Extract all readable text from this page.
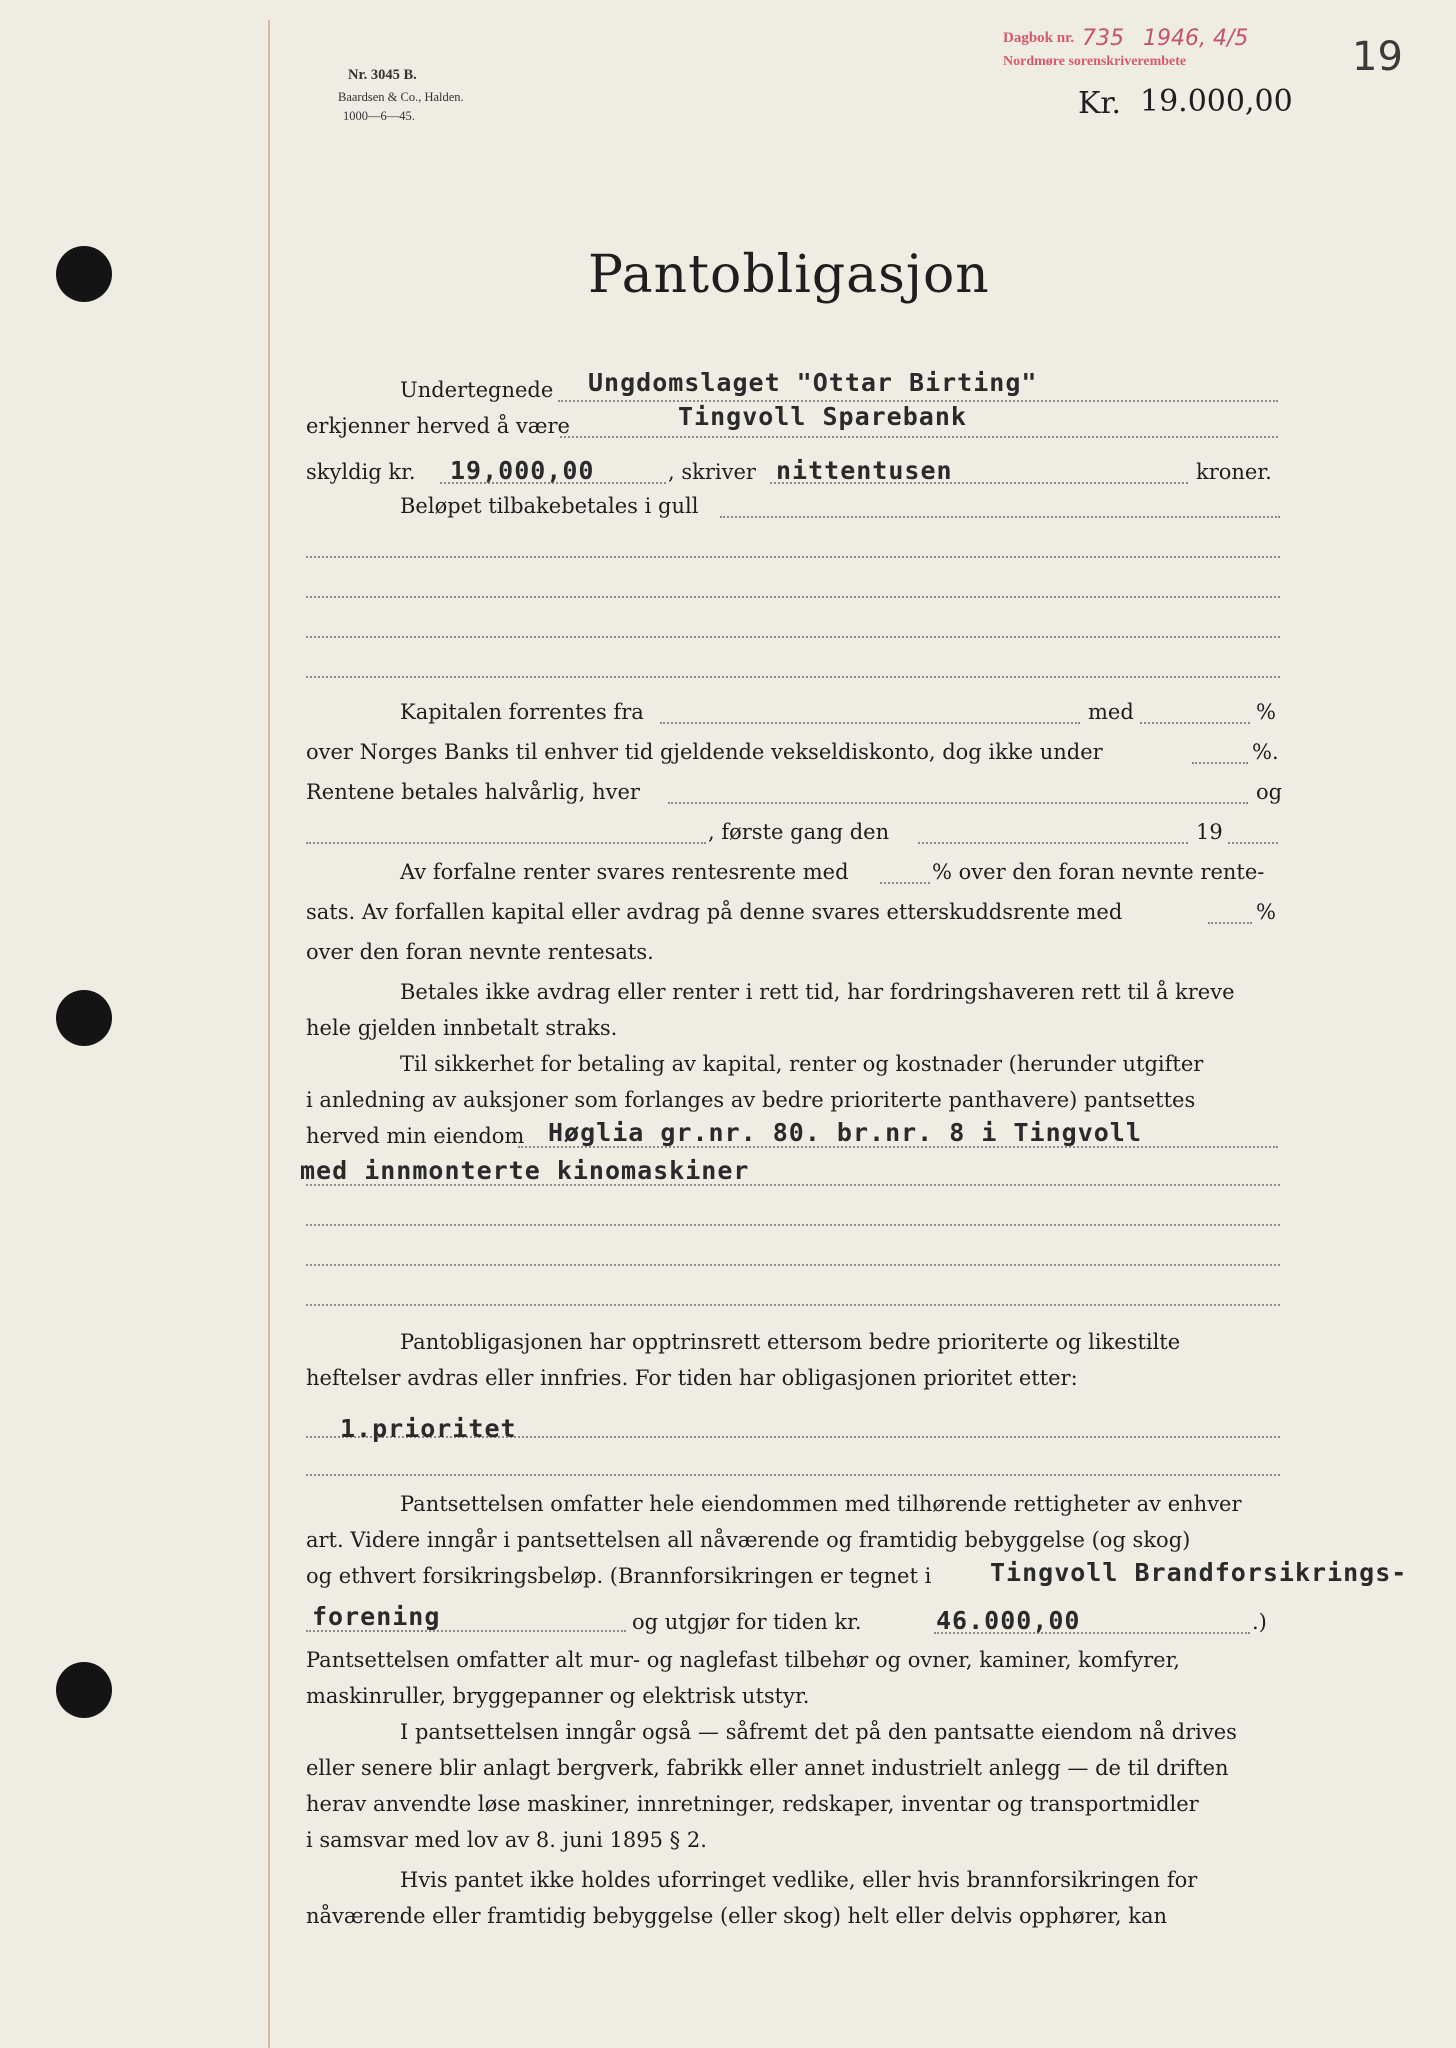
Nr. 3045 B.
Baardsen & Co., Halden.
1000—6—45.
Dagbok nr. 735 1946, 4/5
Nordmøre sorenskriverembete	19
Kr. 19.000,00
Pantobligasjon
Undertegnede Ungdomslaget "Ottar Birting"
erkjenner herved å være	Tingvoll Sparebank
skyldig kr. 19,000,00	, skriver nittentusen	kroner.
Beløpet tilbakebetales i gull
Kapitalen forrentes fra	med	%
over Norges Banks til enhver tid gjeldende vekseldiskonto, dog ikke under	%.
Rentene betales halvårlig, hver	og
, første gang den	19
Av forfalne renter svares rentesrente med	% over den foran nevnte rente-
sats. Av forfallen kapital eller avdrag på denne svares etterskuddsrente med	%
over den foran nevnte rentesats.
Betales ikke avdrag eller renter i rett tid, har fordringshaveren rett til å kreve
hele gjelden innbetalt straks.
Til sikkerhet for betaling av kapital, renter og kostnader (herunder utgifter
i anledning av auksjoner som forlanges av bedre prioriterte panthavere) pantsettes
herved min eiendom Høglia gr.nr. 80. br.nr. 8 i Tingvoll
med innmonterte kinomaskiner
Pantobligasjonen har opptrinsrett ettersom bedre prioriterte og likestilte
heftelser avdras eller innfries. For tiden har obligasjonen prioritet etter:
1.prioritet
Pantsettelsen omfatter hele eiendommen med tilhørende rettigheter av enhver
art. Videre inngår i pantsettelsen all nåværende og framtidig bebyggelse (og skog)
og ethvert forsikringsbeløp. (Brannforsikringen er tegnet i Tingvoll Brandforsikrings-
forening	og utgjør for tiden kr.	46.000,00	.)
Pantsettelsen omfatter alt mur- og naglefast tilbehør og ovner, kaminer, komfyrer,
maskinruller, bryggepanner og elektrisk utstyr.
I pantsettelsen inngår også — såfremt det på den pantsatte eiendom nå drives
eller senere blir anlagt bergverk, fabrikk eller annet industrielt anlegg — de til driften
herav anvendte løse maskiner, innretninger, redskaper, inventar og transportmidler
i samsvar med lov av 8. juni 1895 § 2.
Hvis pantet ikke holdes uforringet vedlike, eller hvis brannforsikringen for
nåværende eller framtidig bebyggelse (eller skog) helt eller delvis opphører, kan
